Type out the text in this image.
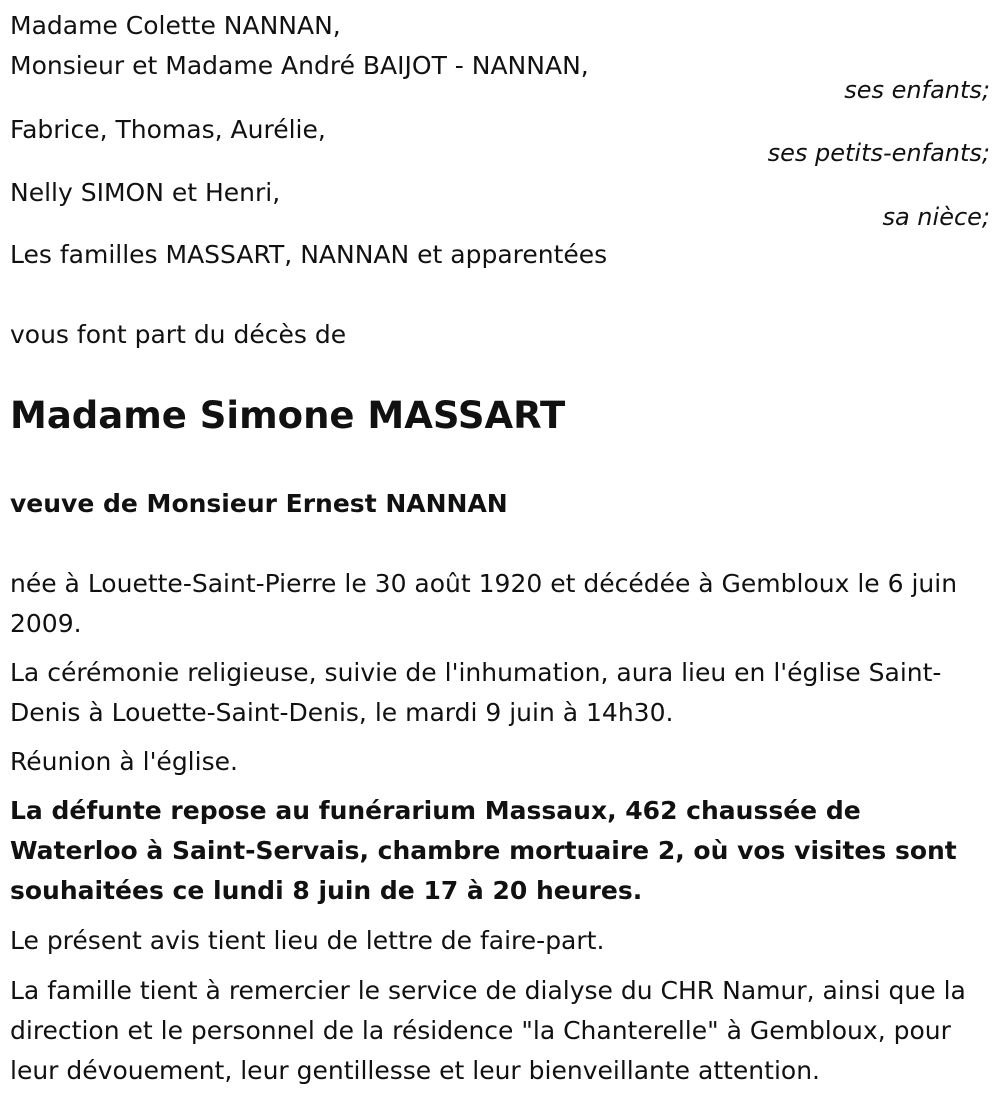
Madame Colette NANNAN,
Monsieur et Madame André BAIJOT - NANNAN,
ses enfants;
Fabrice, Thomas, Aurélie,
ses petits-enfants;
Nelly SIMON et Henri,
sa nièce;
Les familles MASSART, NANNAN et apparentées
vous font part du décès de
Madame Simone MASSART
veuve de Monsieur Ernest NANNAN
née à Louette-Saint-Pierre le 30 août 1920 et décédée à Gembloux le 6 juin 2009.
La cérémonie religieuse, suivie de l'inhumation, aura lieu en l'église Saint-Denis à Louette-Saint-Denis, le mardi 9 juin à 14h30.
Réunion à l'église.
La défunte repose au funérarium Massaux, 462 chaussée de Waterloo à Saint-Servais, chambre mortuaire 2, où vos visites sont souhaitées ce lundi 8 juin de 17 à 20 heures.
Le présent avis tient lieu de lettre de faire-part.
La famille tient à remercier le service de dialyse du CHR Namur, ainsi que la direction et le personnel de la résidence "la Chanterelle" à Gembloux, pour leur dévouement, leur gentillesse et leur bienveillante attention.
